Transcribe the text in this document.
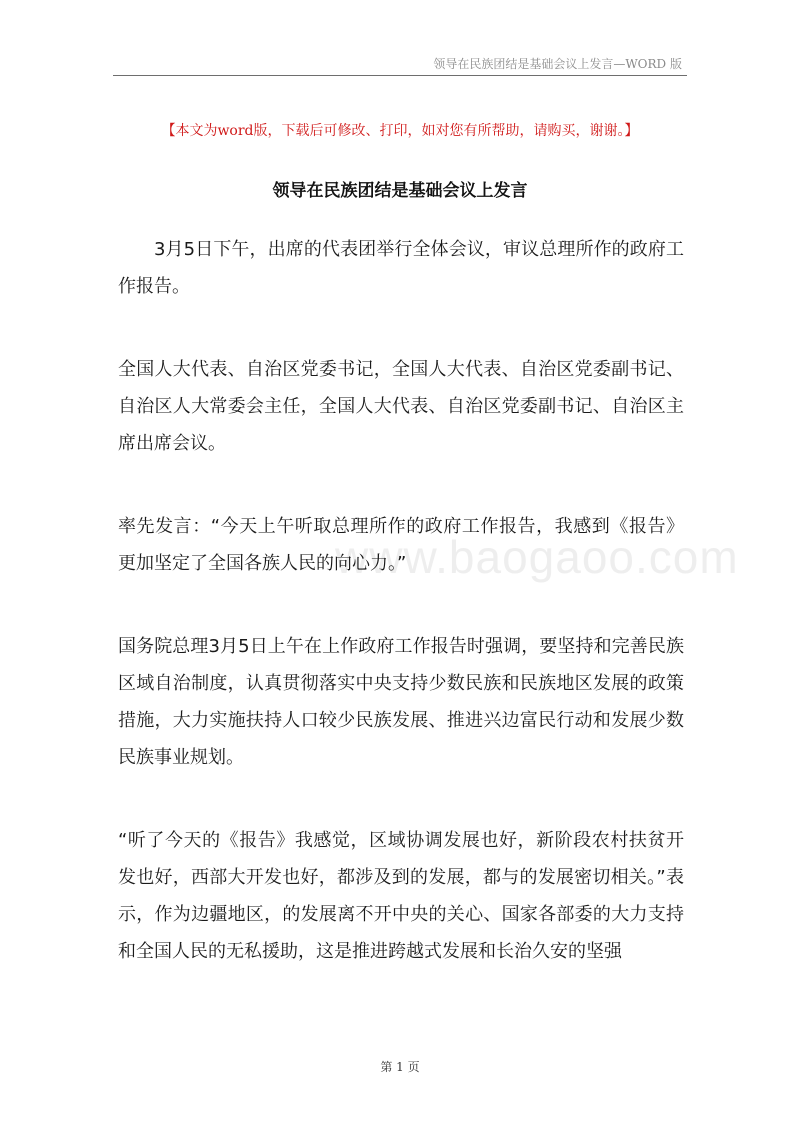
领导在民族团结是基础会议上发言—WORD 版
【本文为word版，下载后可修改、打印，如对您有所帮助，请购买，谢谢。】
领导在民族团结是基础会议上发言
www.baogaoo.com

3月5日下午，出席的代表团举行全体会议，审议总理所作的政府工作报告。

全国人大代表、自治区党委书记，全国人大代表、自治区党委副书记、自治区人大常委会主任，全国人大代表、自治区党委副书记、自治区主席出席会议。

率先发言：“今天上午听取总理所作的政府工作报告，我感到《报告》更加坚定了全国各族人民的向心力。”

国务院总理3月5日上午在上作政府工作报告时强调，要坚持和完善民族区域自治制度，认真贯彻落实中央支持少数民族和民族地区发展的政策措施，大力实施扶持人口较少民族发展、推进兴边富民行动和发展少数民族事业规划。

“听了今天的《报告》我感觉，区域协调发展也好，新阶段农村扶贫开发也好，西部大开发也好，都涉及到的发展，都与的发展密切相关。”表示，作为边疆地区，的发展离不开中央的关心、国家各部委的大力支持和全国人民的无私援助，这是推进跨越式发展和长治久安的坚强

第 1 页
